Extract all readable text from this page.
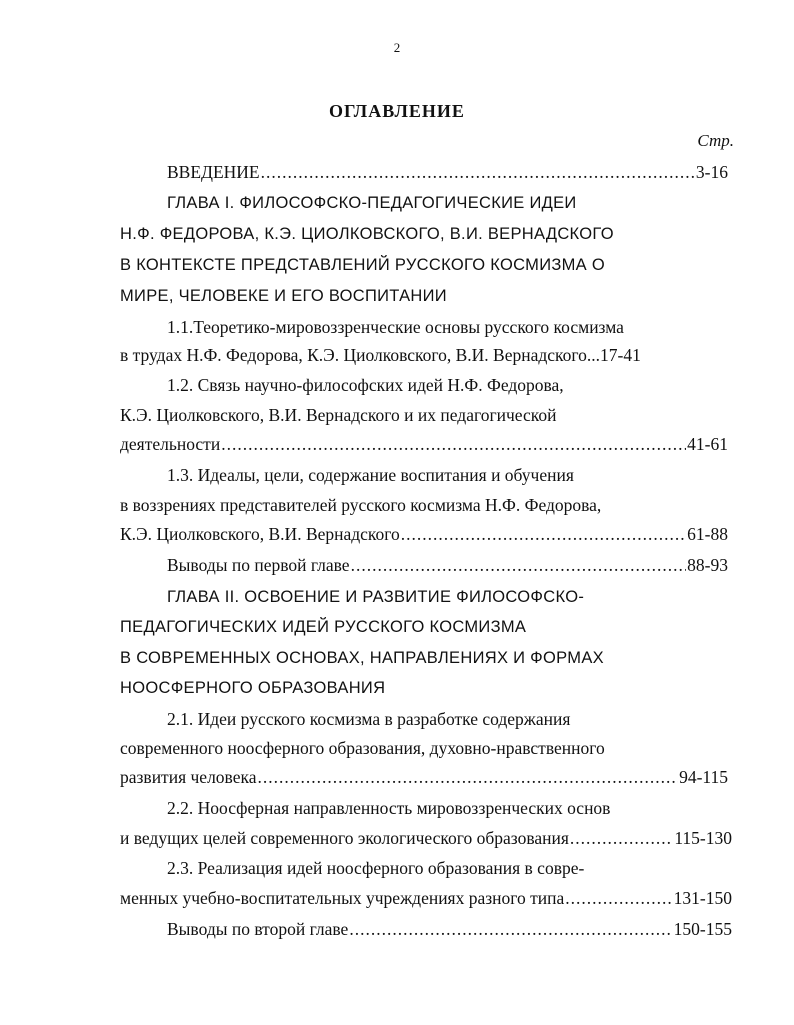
2
ОГЛАВЛЕНИЕ
Стр.
ВВЕДЕНИЕ .....	3-16
ГЛАВА I. ФИЛОСОФСКО-ПЕДАГОГИЧЕСКИЕ ИДЕИ
Н.Ф. ФЕДОРОВА, К.Э. ЦИОЛКОВСКОГО, В.И. ВЕРНАДСКОГО
В КОНТЕКСТЕ ПРЕДСТАВЛЕНИЙ РУССКОГО КОСМИЗМА О
МИРЕ, ЧЕЛОВЕКЕ И ЕГО ВОСПИТАНИИ
1.1.Теоретико-мировоззренческие основы русского космизма
в трудах Н.Ф. Федорова, К.Э. Циолковского, В.И. Вернадского...17-41
1.2. Связь научно-философских идей Н.Ф. Федорова,
К.Э. Циолковского, В.И. Вернадского и их педагогической
деятельности .....	41-61
1.3. Идеалы, цели, содержание воспитания и обучения
в воззрениях представителей русского космизма Н.Ф. Федорова,
К.Э. Циолковского, В.И. Вернадского .....	61-88
Выводы по первой главе .....	88-93
ГЛАВА II. ОСВОЕНИЕ И РАЗВИТИЕ ФИЛОСОФСКО-
ПЕДАГОГИЧЕСКИХ ИДЕЙ РУССКОГО КОСМИЗМА
В СОВРЕМЕННЫХ ОСНОВАХ, НАПРАВЛЕНИЯХ И ФОРМАХ
НООСФЕРНОГО ОБРАЗОВАНИЯ
2.1. Идеи русского космизма в разработке содержания
современного ноосферного образования, духовно-нравственного
развития человека .....	94-115
2.2. Ноосферная направленность мировоззренческих основ
и ведущих целей современного экологического образования .....	115-130
2.3. Реализация идей ноосферного образования в совре-
менных учебно-воспитательных учреждениях разного типа .....	131-150
Выводы по второй главе .....	150-155
